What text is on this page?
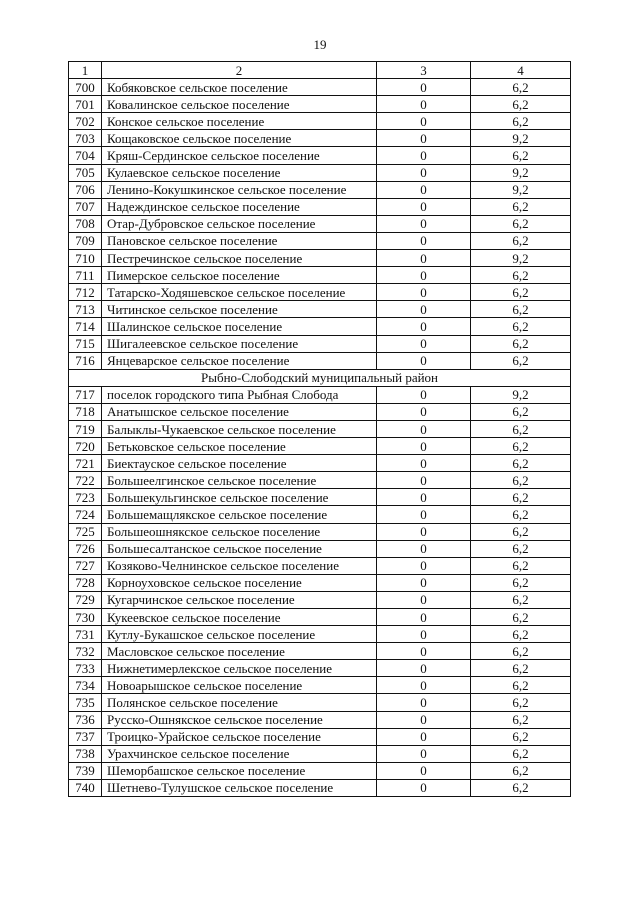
19
1	2	3	4
700	Кобяковское сельское поселение	0	6,2
701	Ковалинское сельское поселение	0	6,2
702	Конское сельское поселение	0	6,2
703	Кощаковское сельское поселение	0	9,2
704	Кряш-Сердинское сельское поселение	0	6,2
705	Кулаевское сельское поселение	0	9,2
706	Ленино-Кокушкинское сельское поселение	0	9,2
707	Надеждинское сельское поселение	0	6,2
708	Отар-Дубровское сельское поселение	0	6,2
709	Пановское сельское поселение	0	6,2
710	Пестречинское сельское поселение	0	9,2
711	Пимерское сельское поселение	0	6,2
712	Татарско-Ходяшевское сельское поселение	0	6,2
713	Читинское сельское поселение	0	6,2
714	Шалинское сельское поселение	0	6,2
715	Шигалеевское сельское поселение	0	6,2
716	Янцеварское сельское поселение	0	6,2
Рыбно-Слободский муниципальный район			
717	поселок городского типа Рыбная Слобода	0	9,2
718	Анатышское сельское поселение	0	6,2
719	Балыклы-Чукаевское сельское поселение	0	6,2
720	Бетьковское сельское поселение	0	6,2
721	Биектауское сельское поселение	0	6,2
722	Большеелгинское сельское поселение	0	6,2
723	Большекульгинское сельское поселение	0	6,2
724	Большемащлякское сельское поселение	0	6,2
725	Большеошнякское сельское поселение	0	6,2
726	Большесалтанское сельское поселение	0	6,2
727	Козяково-Челнинское сельское поселение	0	6,2
728	Корноуховское сельское поселение	0	6,2
729	Кугарчинское сельское поселение	0	6,2
730	Кукеевское сельское поселение	0	6,2
731	Кутлу-Букашское сельское поселение	0	6,2
732	Масловское сельское поселение	0	6,2
733	Нижнетимерлекское сельское поселение	0	6,2
734	Новоарышское сельское поселение	0	6,2
735	Полянское сельское поселение	0	6,2
736	Русско-Ошнякское сельское поселение	0	6,2
737	Троицко-Урайское сельское поселение	0	6,2
738	Урахчинское сельское поселение	0	6,2
739	Шеморбашское сельское поселение	0	6,2
740	Шетнево-Тулушское сельское поселение	0	6,2
